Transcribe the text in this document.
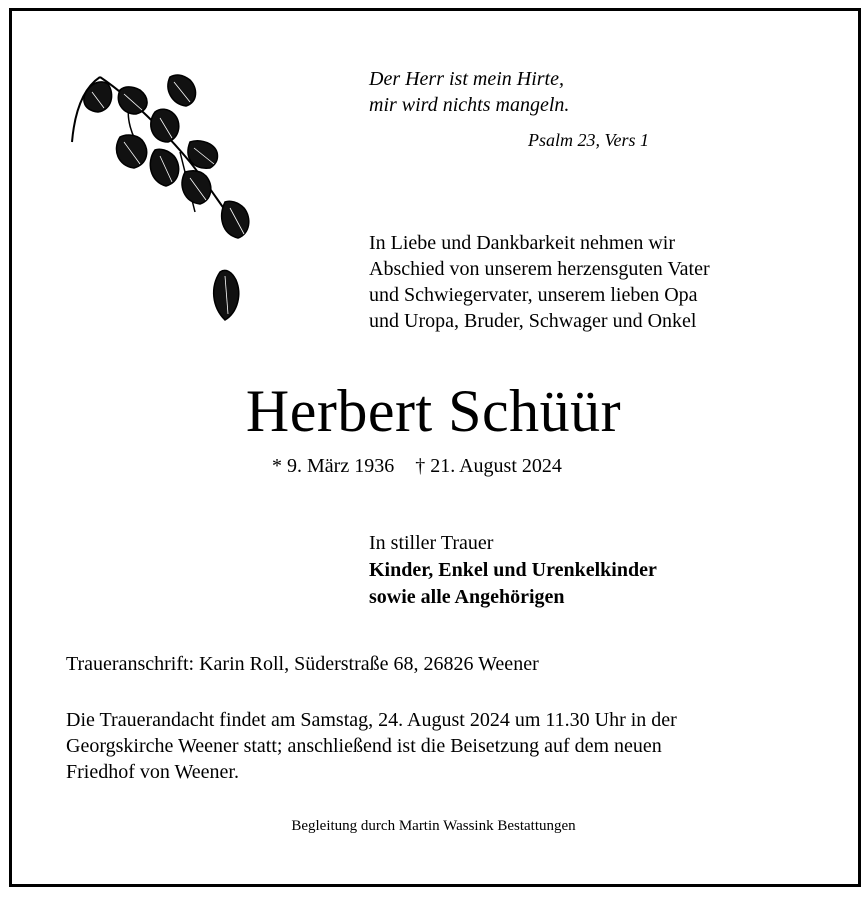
Der Herr ist mein Hirte,
mir wird nichts mangeln.
Psalm 23, Vers 1
In Liebe und Dankbarkeit nehmen wir
Abschied von unserem herzensguten Vater
und Schwiegervater, unserem lieben Opa
und Uropa, Bruder, Schwager und Onkel
Herbert Schüür
* 9. März 1936 † 21. August 2024
In stiller Trauer
Kinder, Enkel und Urenkelkinder
sowie alle Angehörigen
Traueranschrift: Karin Roll, Süderstraße 68, 26826 Weener
Die Trauerandacht findet am Samstag, 24. August 2024 um 11.30 Uhr in der
Georgskirche Weener statt; anschließend ist die Beisetzung auf dem neuen
Friedhof von Weener.
Begleitung durch Martin Wassink Bestattungen
